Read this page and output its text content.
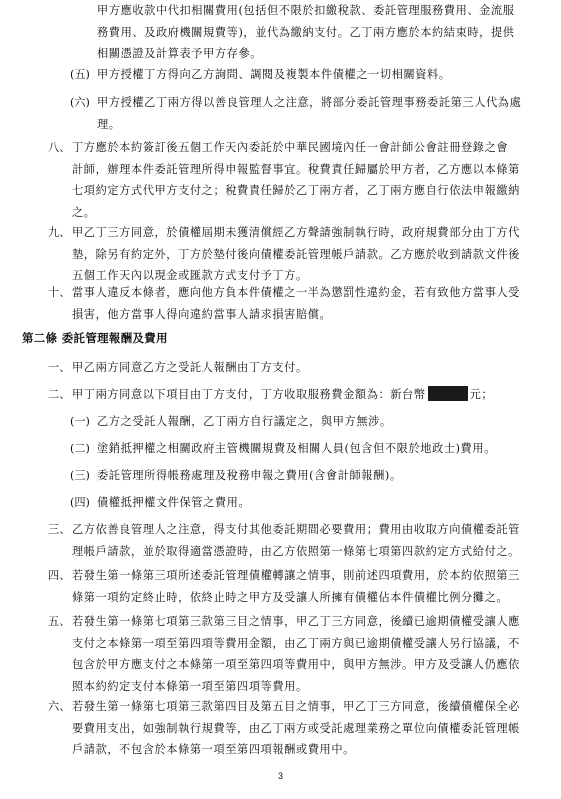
甲方應收款中代扣相關費用(包括但不限於扣繳稅款、委託管理服務費用、金流服
務費用、及政府機關規費等)，並代為繳納支付。乙丁兩方應於本約結束時，提供
相關憑證及計算表予甲方存參。
(五) 甲方授權丁方得向乙方詢問、調閱及複製本件債權之一切相關資料。
(六) 甲方授權乙丁兩方得以善良管理人之注意，將部分委託管理事務委託第三人代為處
理。
八、 丁方應於本約簽訂後五個工作天內委託於中華民國境內任一會計師公會註冊登錄之會
計師，辦理本件委託管理所得申報監督事宜。稅費責任歸屬於甲方者，乙方應以本條第
七項約定方式代甲方支付之；稅費責任歸於乙丁兩方者，乙丁兩方應自行依法申報繳納
之。
九、 甲乙丁三方同意，於債權屆期未獲清償經乙方聲請強制執行時，政府規費部分由丁方代
墊，除另有約定外，丁方於墊付後向債權委託管理帳戶請款。乙方應於收到請款文件後
五個工作天內以現金或匯款方式支付予丁方。
十、 當事人違反本條者，應向他方負本件債權之一半為懲罰性違約金，若有致他方當事人受
損害，他方當事人得向違約當事人請求損害賠償。
第二條 委託管理報酬及費用
一、 甲乙兩方同意乙方之受託人報酬由丁方支付。
二、 甲丁兩方同意以下項目由丁方支付，丁方收取服務費金額為：新台幣	元；
(一) 乙方之受託人報酬，乙丁兩方自行議定之，與甲方無涉。
(二) 塗銷抵押權之相關政府主管機關規費及相關人員(包含但不限於地政士)費用。
(三) 委託管理所得帳務處理及稅務申報之費用(含會計師報酬)。
(四) 債權抵押權文件保管之費用。
三、 乙方依善良管理人之注意，得支付其他委託期間必要費用；費用由收取方向債權委託管
理帳戶請款，並於取得適當憑證時，由乙方依照第一條第七項第四款約定方式給付之。
四、 若發生第一條第三項所述委託管理債權轉讓之情事，則前述四項費用，於本約依照第三
條第一項約定終止時，依終止時之甲方及受讓人所擁有債權佔本件債權比例分攤之。
五、 若發生第一條第七項第三款第三目之情事，甲乙丁三方同意，後續已逾期債權受讓人應
支付之本條第一項至第四項等費用金額，由乙丁兩方與已逾期債權受讓人另行協議，不
包含於甲方應支付之本條第一項至第四項等費用中，與甲方無涉。甲方及受讓人仍應依
照本約約定支付本條第一項至第四項等費用。
六、 若發生第一條第七項第三款第四目及第五目之情事，甲乙丁三方同意，後續債權保全必
要費用支出，如強制執行規費等，由乙丁兩方或受託處理業務之單位向債權委託管理帳
戶請款，不包含於本條第一項至第四項報酬或費用中。
3
